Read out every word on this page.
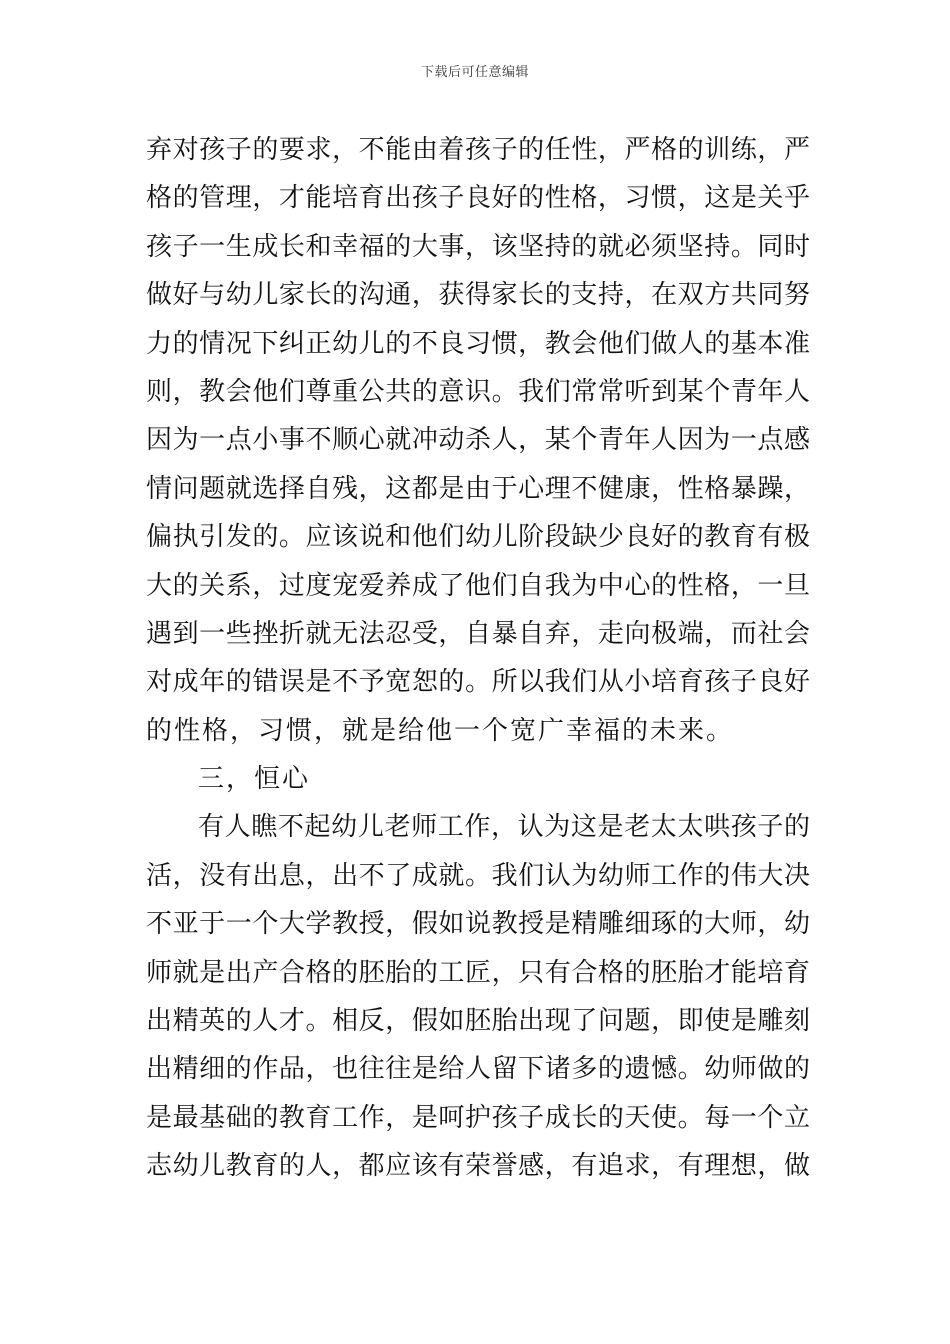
下载后可任意编辑
弃对孩子的要求，不能由着孩子的任性，严格的训练，严
格的管理，才能培育出孩子良好的性格，习惯，这是关乎
孩子一生成长和幸福的大事，该坚持的就必须坚持。同时
做好与幼儿家长的沟通，获得家长的支持，在双方共同努
力的情况下纠正幼儿的不良习惯，教会他们做人的基本准
则，教会他们尊重公共的意识。我们常常听到某个青年人
因为一点小事不顺心就冲动杀人，某个青年人因为一点感
情问题就选择自残，这都是由于心理不健康，性格暴躁，
偏执引发的。应该说和他们幼儿阶段缺少良好的教育有极
大的关系，过度宠爱养成了他们自我为中心的性格，一旦
遇到一些挫折就无法忍受，自暴自弃，走向极端，而社会
对成年的错误是不予宽恕的。所以我们从小培育孩子良好
的性格，习惯，就是给他一个宽广幸福的未来。
三，恒心
有人瞧不起幼儿老师工作，认为这是老太太哄孩子的
活，没有出息，出不了成就。我们认为幼师工作的伟大决
不亚于一个大学教授，假如说教授是精雕细琢的大师，幼
师就是出产合格的胚胎的工匠，只有合格的胚胎才能培育
出精英的人才。相反，假如胚胎出现了问题，即使是雕刻
出精细的作品，也往往是给人留下诸多的遗憾。幼师做的
是最基础的教育工作，是呵护孩子成长的天使。每一个立
志幼儿教育的人，都应该有荣誉感，有追求，有理想，做
